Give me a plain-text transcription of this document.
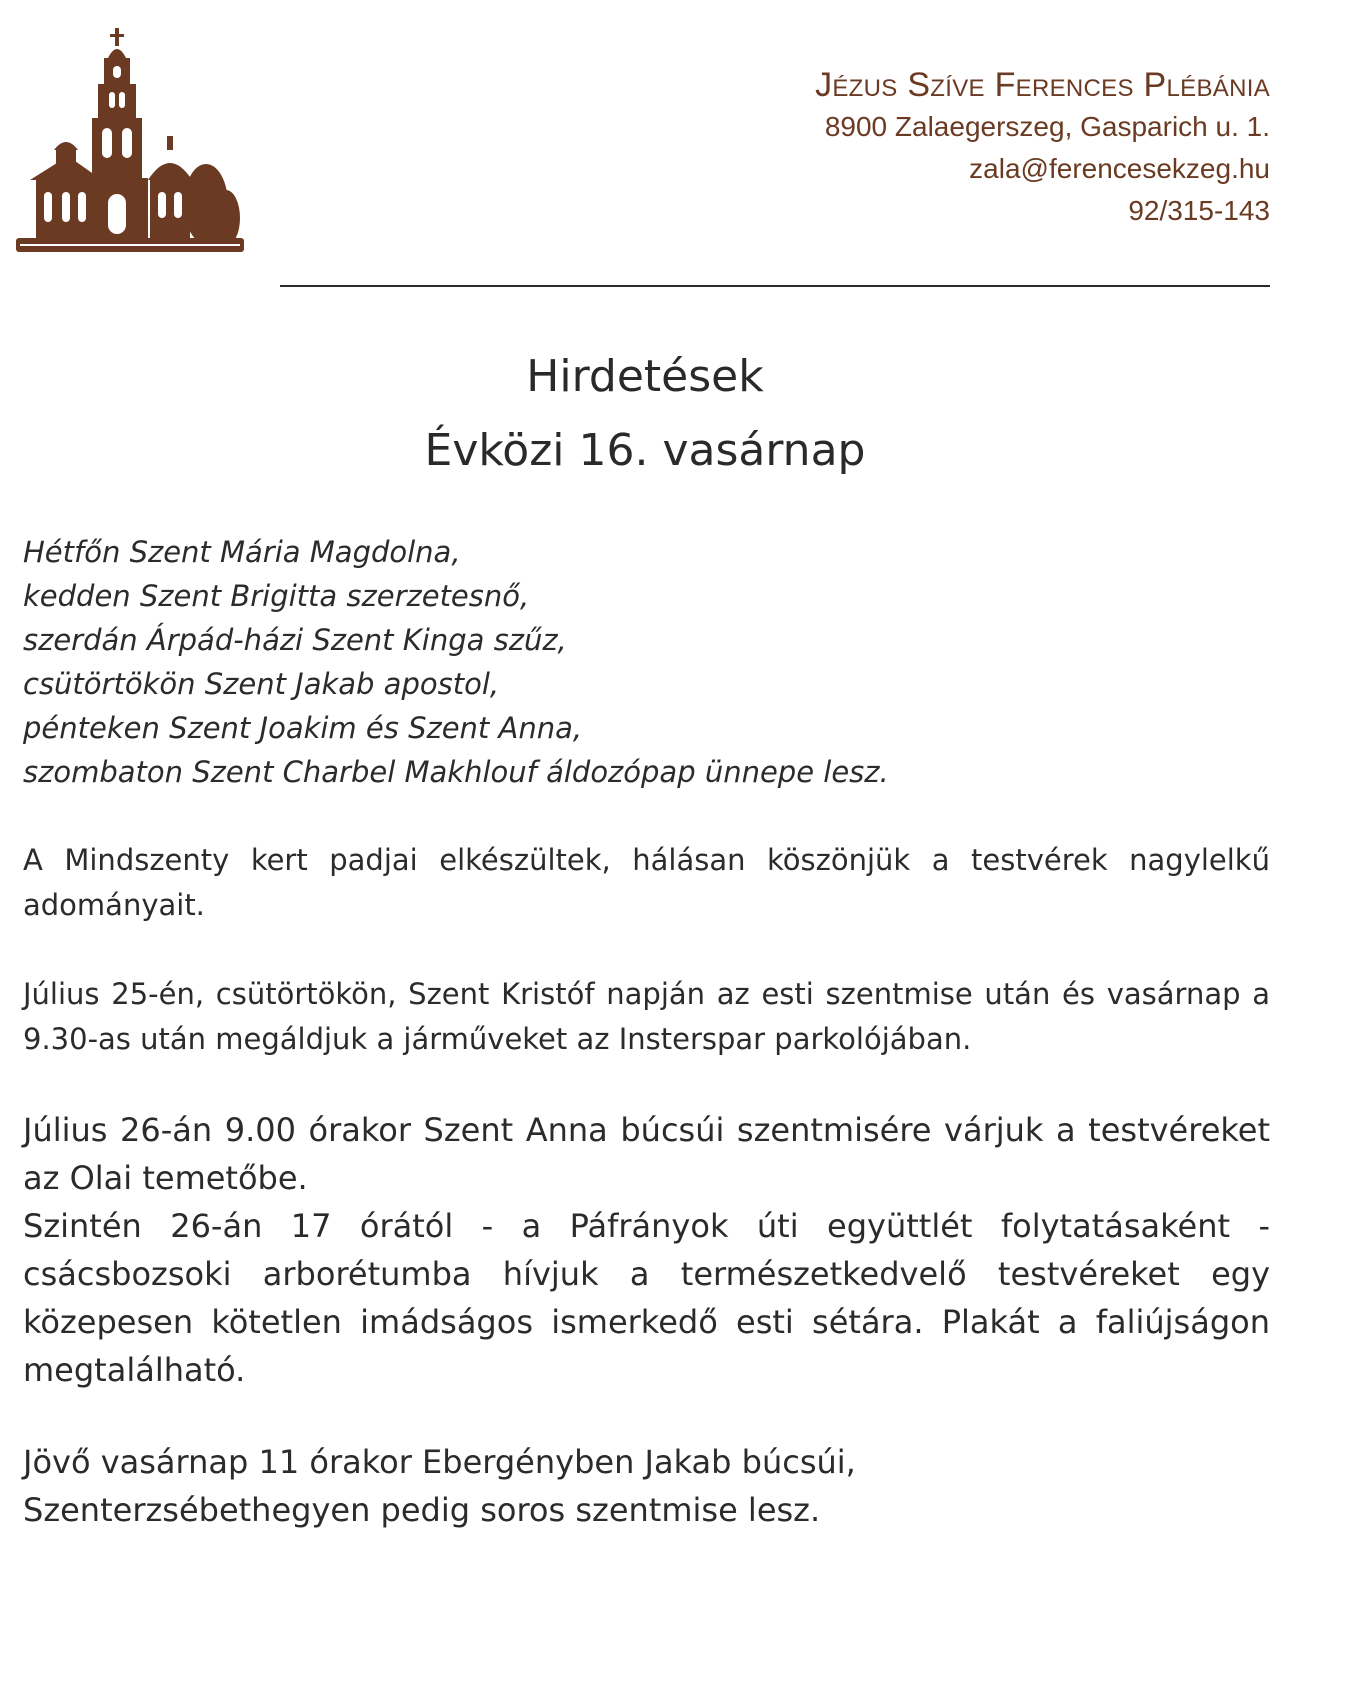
Jézus Szíve Ferences Plébánia
8900 Zalaegerszeg, Gasparich u. 1.
zala@ferencesekzeg.hu
92/315-143
Hirdetések
Évközi 16. vasárnap
Hétfőn Szent Mária Magdolna,
kedden Szent Brigitta szerzetesnő,
szerdán Árpád-házi Szent Kinga szűz,
csütörtökön Szent Jakab apostol,
pénteken Szent Joakim és Szent Anna,
szombaton Szent Charbel Makhlouf áldozópap ünnepe lesz.
A Mindszenty kert padjai elkészültek, hálásan köszönjük a testvérek nagylelkű adományait.
Július 25-én, csütörtökön, Szent Kristóf napján az esti szentmise után és vasárnap a 9.30-as után megáldjuk a járműveket az Insterspar parkolójában.
Július 26-án 9.00 órakor Szent Anna búcsúi szentmisére várjuk a testvéreket az Olai temetőbe.
Szintén 26-án 17 órától - a Páfrányok úti együttlét folytatásaként - csácsbozsoki arborétumba hívjuk a természetkedvelő testvéreket egy közepesen kötetlen imádságos ismerkedő esti sétára. Plakát a faliújságon megtalálható.
Jövő vasárnap 11 órakor Ebergényben Jakab búcsúi,
Szenterzsébethegyen pedig soros szentmise lesz.
